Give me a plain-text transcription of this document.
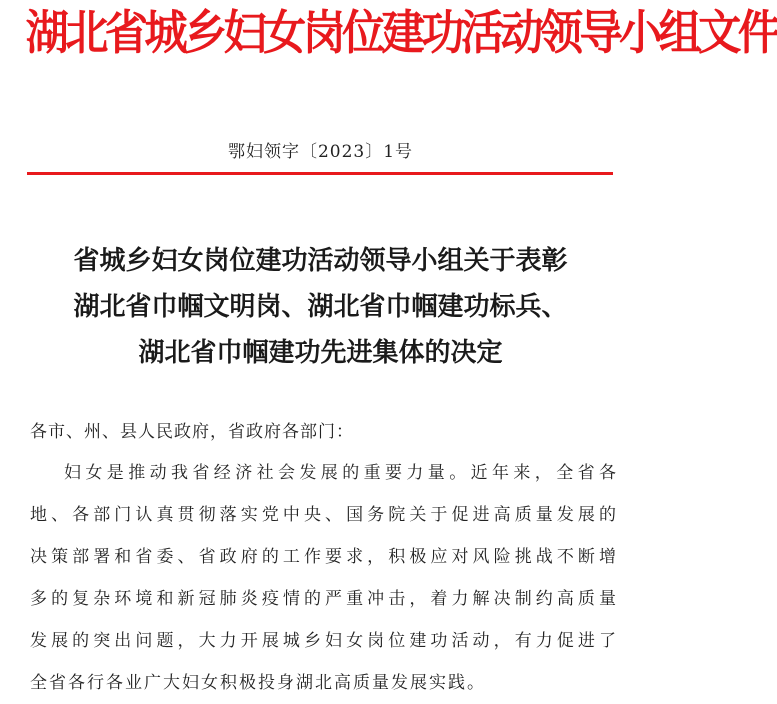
湖北省城乡妇女岗位建功活动领导小组文件
鄂妇领字〔2023〕1号
省城乡妇女岗位建功活动领导小组关于表彰
湖北省巾帼文明岗、湖北省巾帼建功标兵、
湖北省巾帼建功先进集体的决定
各市、州、县人民政府，省政府各部门：
妇女是推动我省经济社会发展的重要力量。近年来，全省各
地、各部门认真贯彻落实党中央、国务院关于促进高质量发展的
决策部署和省委、省政府的工作要求，积极应对风险挑战不断增
多的复杂环境和新冠肺炎疫情的严重冲击，着力解决制约高质量
发展的突出问题，大力开展城乡妇女岗位建功活动，有力促进了
全省各行各业广大妇女积极投身湖北高质量发展实践。
